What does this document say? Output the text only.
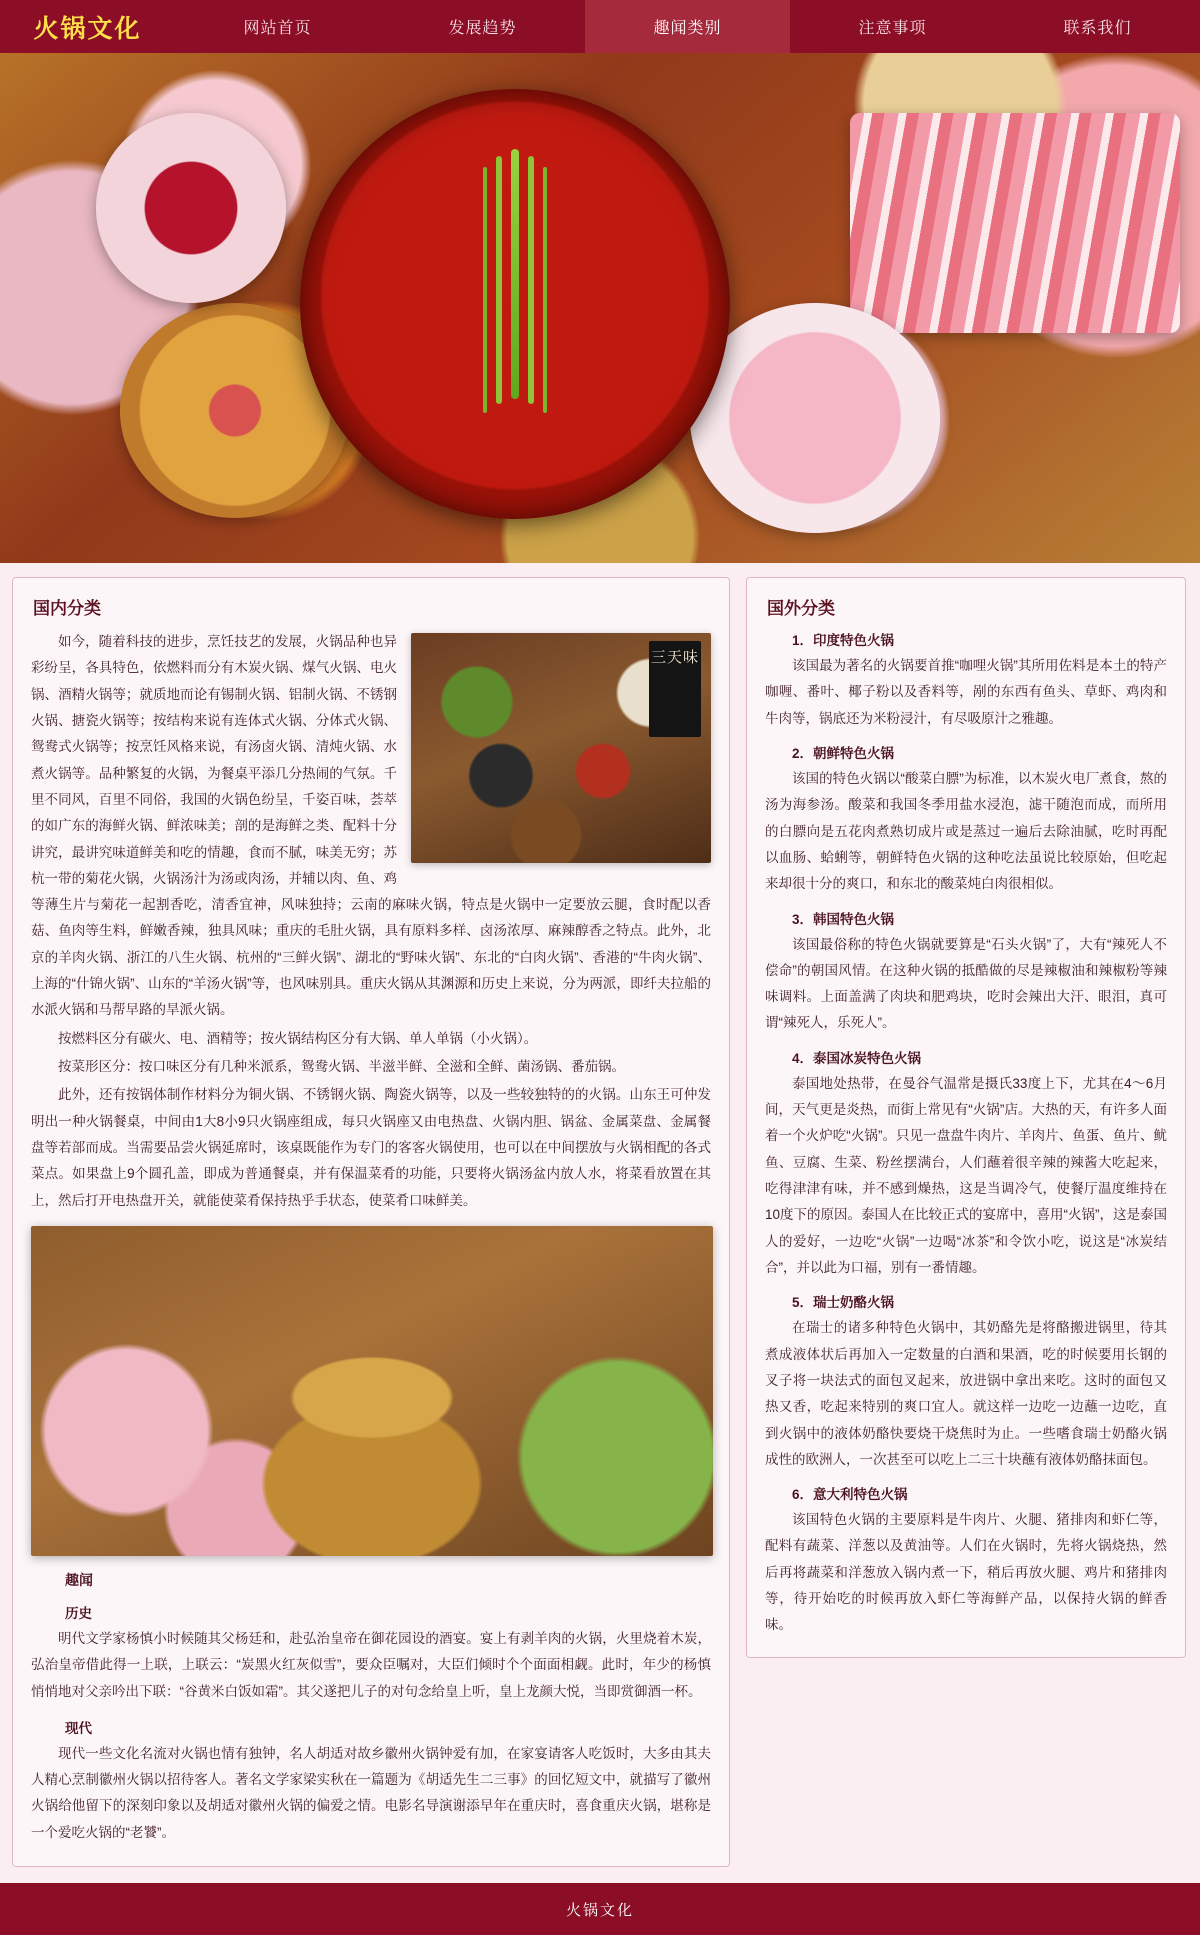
火锅文化	网站首页	发展趋势	趣闻类别	注意事项	联系我们
国内分类
三天味

如今，随着科技的进步，烹饪技艺的发展，火锅品种也异彩纷呈，各具特色，依燃料而分有木炭火锅、煤气火锅、电火锅、酒精火锅等；就质地而论有锡制火锅、铝制火锅、不锈钢火锅、搪瓷火锅等；按结构来说有连体式火锅、分体式火锅、鸳鸯式火锅等；按烹饪风格来说，有汤卤火锅、清炖火锅、水煮火锅等。品种繁复的火锅，为餐桌平添几分热闹的气氛。千里不同风，百里不同俗，我国的火锅色纷呈，千姿百味，荟萃的如广东的海鲜火锅、鲜浓味美；剖的是海鲜之类、配料十分讲究，最讲究味道鲜美和吃的情趣，食而不腻，味美无穷；苏杭一带的菊花火锅，火锅汤汁为汤或肉汤，并辅以肉、鱼、鸡等薄生片与菊花一起割香吃，清香宜神，风味独持；云南的麻味火锅，特点是火锅中一定要放云腿，食时配以香菇、鱼肉等生料，鲜嫩香辣，独具风味；重庆的毛肚火锅，具有原料多样、卤汤浓厚、麻辣醇香之特点。此外，北京的羊肉火锅、浙江的八生火锅、杭州的“三鲜火锅”、湖北的“野味火锅”、东北的“白肉火锅”、香港的“牛肉火锅”、上海的“什锦火锅”、山东的“羊汤火锅”等，也风味别具。重庆火锅从其渊源和历史上来说，分为两派，即纤夫拉船的水派火锅和马帮早路的旱派火锅。

按燃料区分有碳火、电、酒精等；按火锅结构区分有大锅、单人单锅（小火锅）。

按菜形区分：按口味区分有几种米派系，鸳鸯火锅、半滋半鲜、全滋和全鲜、菌汤锅、番茄锅。

此外，还有按锅体制作材料分为铜火锅、不锈钢火锅、陶瓷火锅等，以及一些较独特的的火锅。山东王可仲发明出一种火锅餐桌，中间由1大8小9只火锅座组成，每只火锅座又由电热盘、火锅内胆、锅盆、金属菜盘、金属餐盘等若部而成。当需要品尝火锅延席时，该桌既能作为专门的客客火锅使用，也可以在中间摆放与火锅相配的各式菜点。如果盘上9个圆孔盖，即成为普通餐桌，并有保温菜肴的功能，只要将火锅汤盆内放人水，将菜看放置在其上，然后打开电热盘开关，就能使菜肴保持热乎手状态，使菜肴口味鲜美。

趣闻
历史

明代文学家杨慎小时候随其父杨廷和，赴弘治皇帝在御花园设的酒宴。宴上有剥羊肉的火锅，火里烧着木炭，弘治皇帝借此得一上联，上联云：“炭黑火红灰似雪”，要众臣嘱对，大臣们倾时个个面面相觑。此时，年少的杨慎悄悄地对父亲吟出下联：“谷黄米白饭如霜”。其父遂把儿子的对句念给皇上听，皇上龙颜大悦，当即赏御酒一杯。

现代

现代一些文化名流对火锅也情有独钟，名人胡适对故乡徽州火锅钟爱有加，在家宴请客人吃饭时，大多由其夫人精心烹制徽州火锅以招待客人。著名文学家梁实秋在一篇题为《胡适先生二三事》的回忆短文中，就描写了徽州火锅给他留下的深刻印象以及胡适对徽州火锅的偏爱之情。电影名导演谢添早年在重庆时，喜食重庆火锅，堪称是一个爱吃火锅的“老饕”。

国外分类
1．印度特色火锅

该国最为著名的火锅要首推“咖哩火锅”其所用佐料是本土的特产咖喱、番叶、椰子粉以及香料等，剐的东西有鱼头、草虾、鸡肉和牛肉等，锅底还为米粉浸汁，有尽吸原汁之雅趣。

2．朝鲜特色火锅

该国的特色火锅以“酸菜白膘”为标准，以木炭火电厂煮食，熬的汤为海参汤。酸菜和我国冬季用盐水浸泡，滤干随泡而成，而所用的白膘向是五花肉煮熟切成片或是蒸过一遍后去除油腻，吃时再配以血肠、蛤蜊等，朝鲜特色火锅的这种吃法虽说比较原始，但吃起来却很十分的爽口，和东北的酸菜炖白肉很相似。

3．韩国特色火锅

该国最俗称的特色火锅就要算是“石头火锅”了，大有“辣死人不偿命”的朝国风情。在这种火锅的抵酷做的尽是辣椒油和辣椒粉等辣味调料。上面盖满了肉块和肥鸡块，吃时会辣出大汗、眼泪，真可谓“辣死人，乐死人”。

4．泰国冰炭特色火锅

泰国地处热带，在曼谷气温常是摄氏33度上下，尤其在4～6月间，天气更是炎热，而街上常见有“火锅”店。大热的天，有许多人面着一个火炉吃“火锅”。只见一盘盘牛肉片、羊肉片、鱼蛋、鱼片、鱿鱼、豆腐、生菜、粉丝摆满台，人们蘸着很辛辣的辣酱大吃起来，吃得津津有味，并不感到燥热，这是当调冷气，使餐厅温度维持在10度下的原因。泰国人在比较正式的宴席中，喜用“火锅”，这是泰国人的爱好，一边吃“火锅”一边喝“冰茶”和令饮小吃，说这是“冰炭结合”，并以此为口福，别有一番情趣。

5．瑞士奶酪火锅

在瑞士的诸多种特色火锅中，其奶酪先是将酪搬进锅里，待其煮成液体状后再加入一定数量的白酒和果酒，吃的时候要用长钢的叉子将一块法式的面包叉起来，放进锅中拿出来吃。这时的面包又热又香，吃起来特别的爽口宜人。就这样一边吃一边蘸一边吃，直到火锅中的液体奶酪快要烧干烧焦时为止。一些嗜食瑞士奶酪火锅成性的欧洲人，一次甚至可以吃上二三十块蘸有液体奶酪抹面包。

6．意大利特色火锅

该国特色火锅的主要原料是牛肉片、火腿、猪排肉和虾仁等，配料有蔬菜、洋葱以及黄油等。人们在火锅时，先将火锅烧热，然后再将蔬菜和洋葱放入锅内煮一下，稍后再放火腿、鸡片和猪排肉等，待开始吃的时候再放入虾仁等海鲜产品，以保持火锅的鲜香味。

火锅文化
